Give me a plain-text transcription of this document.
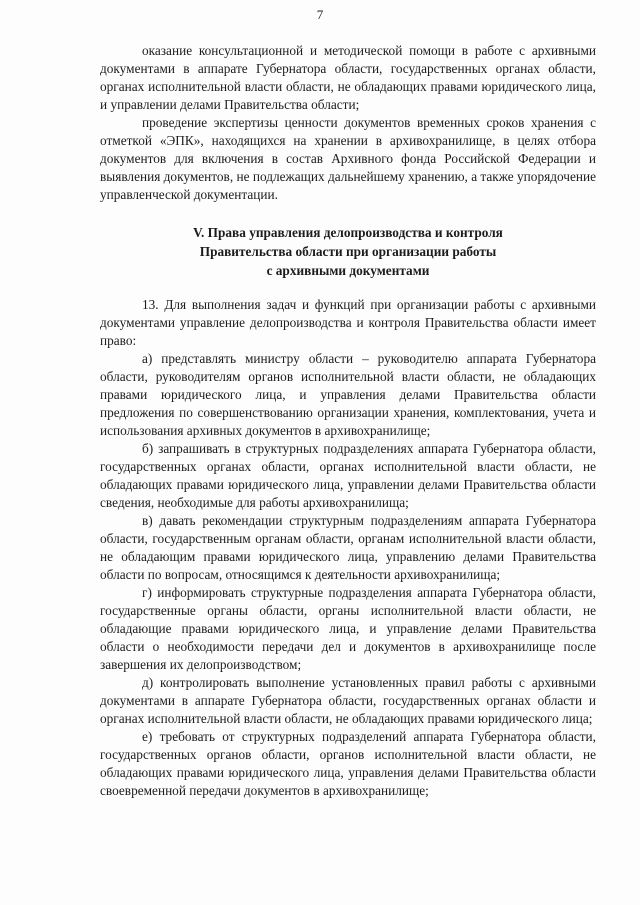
7

оказание консультационной и методической помощи в работе с архивными документами в аппарате Губернатора области, государственных органах области, органах исполнительной власти области, не обладающих правами юридического лица, и управлении делами Правительства области;

проведение экспертизы ценности документов временных сроков хранения с отметкой «ЭПК», находящихся на хранении в архивохранилище, в целях отбора документов для включения в состав Архивного фонда Российской Федерации и выявления документов, не подлежащих дальнейшему хранению, а также упорядочение управленческой документации.

V. Права управления делопроизводства и контроля
Правительства области при организации работы
с архивными документами

13. Для выполнения задач и функций при организации работы с архивными документами управление делопроизводства и контроля Правительства области имеет право:

а) представлять министру области – руководителю аппарата Губернатора области, руководителям органов исполнительной власти области, не обладающих правами юридического лица, и управления делами Правительства области предложения по совершенствованию организации хранения, комплектования, учета и использования архивных документов в архивохранилище;

б) запрашивать в структурных подразделениях аппарата Губернатора области, государственных органах области, органах исполнительной власти области, не обладающих правами юридического лица, управлении делами Правительства области сведения, необходимые для работы архивохранилища;

в) давать рекомендации структурным подразделениям аппарата Губернатора области, государственным органам области, органам исполнительной власти области, не обладающим правами юридического лица, управлению делами Правительства области по вопросам, относящимся к деятельности архивохранилища;

г) информировать структурные подразделения аппарата Губернатора области, государственные органы области, органы исполнительной власти области, не обладающие правами юридического лица, и управление делами Правительства области о необходимости передачи дел и документов в архивохранилище после завершения их делопроизводством;

д) контролировать выполнение установленных правил работы с архивными документами в аппарате Губернатора области, государственных органах области и органах исполнительной власти области, не обладающих правами юридического лица;

е) требовать от структурных подразделений аппарата Губернатора области, государственных органов области, органов исполнительной власти области, не обладающих правами юридического лица, управления делами Правительства области своевременной передачи документов в архивохранилище;
